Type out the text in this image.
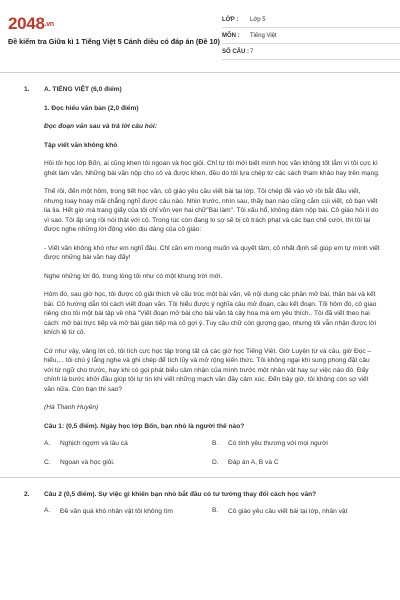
2048.vn
Đề kiểm tra Giữa kì 1 Tiếng Việt 5 Cánh diều có đáp án (Đề 10)
LỚP :	Lớp 5
MÔN :	Tiếng Việt
SỐ CÂU : 7
1.	A. TIẾNG VIỆT (6,0 điểm)
1. Đọc hiểu văn bản (2,0 điểm)
Đọc đoạn văn sau và trả lời câu hỏi:
Tập viết văn không khó

Hồi tôi học lớp Bốn, ai cũng khen tôi ngoan và học giỏi. Chỉ tự tôi mới biết mình học văn không tốt lắm vì tôi cực kì ghét làm văn. Những bài văn nộp cho cô và được khen, đều do tôi lựa chép từ các sách tham khảo hay trên mạng.

Thế rồi, đến một hôm, trong tiết học văn, cô giáo yêu cầu viết bài tại lớp. Tôi chép đề vào vở rồi bắt đầu viết, nhưng loay hoay mãi chẳng nghĩ được câu nào. Nhìn trước, nhìn sau, thấy bạn nào cũng cắm cúi viết, cô bạn viết lia lịa. Hết giờ mà trang giấy của tôi chỉ vỏn vẹn hai chữ"Bài làm". Tôi xấu hổ, không dám nộp bài. Cô giáo hỏi lí do vì sao. Tôi ấp úng rồi nói thật với cô. Trong lúc còn đang lo sợ sẽ bị cô trách phạt và các bạn chế cười, thì tôi lại được nghe những lời động viên dịu dàng của cô giáo:

- Viết văn không khó như em nghĩ đâu. Chỉ cần em mong muốn và quyết tâm, cô nhất định sẽ giúp em tự mình viết được những bài văn hay đấy!

Nghe những lời đó, trong lòng tôi như có một khung trời mới.

Hôm đó, sau giờ học, tôi được cô giải thích về cấu trúc một bài văn, về nội dung các phần mở bài, thân bài và kết bài. Cô hướng dẫn tôi cách viết đoạn văn. Tôi hiểu được ý nghĩa câu mở đoạn, câu kết đoạn. Tối hôm đó, cô giao riêng cho tôi một bài tập về nhà "Viết đoạn mở bài cho bài văn tả cây hoa mà em yêu thích.. Tôi đã viết theo hai cách: mở bài trực tiếp và mở bài gián tiếp mà cô gợi ý. Tuy câu chữ còn gượng gạo, nhưng tôi vẫn nhận được lời khích lệ từ cô.

Cứ như vậy, vâng lời cô, tôi tích cực học tập trong tất cả các giờ học Tiếng Việt. Giờ Luyện từ và câu, giờ Đọc – hiểu,... tôi chú ý lắng nghe và ghi chép để tích lũy và mở rộng kiến thức. Tôi không ngại khi sung phong đặt câu với từ ngữ cho trước, hay khi có gọi phát biểu cảm nhận của mình trước một nhân vật hay sự việc nào đó. Đấy chính là bước khởi đầu giúp tôi tự tin khi viết những mạch văn đầy cảm xúc. Đến bây giờ, tôi không còn sợ viết văn nữa. Còn bạn thì sao?

(Hà Thanh Huyền)

Câu 1: (0,5 điểm). Ngày học lớp Bốn, bạn nhỏ là người thế nào?
A.	Nghịch ngợm và lâu cá	B.	Có tính yêu thương với mọi người
C.	Ngoan và học giỏi.	D.	Đáp án A, B và C
2.	Câu 2 (0,5 điểm). Sự việc gì khiến bạn nhỏ bắt đầu có tư tưởng thay đổi cách học văn?
A.	Đề văn quá khó nhân vật tôi không tìm	B.	Cô giáo yêu cầu viết bài tại lớp, nhân vật
